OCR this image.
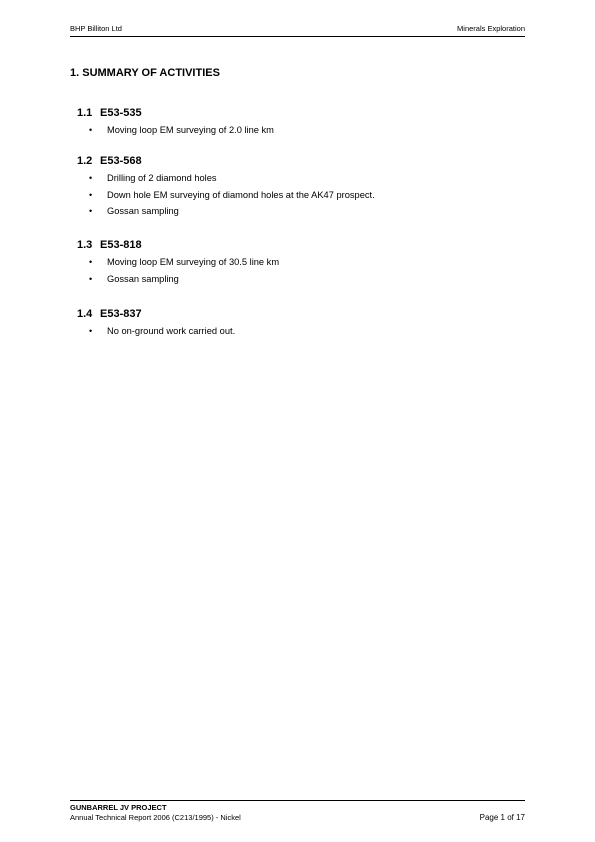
BHP Billiton Ltd	Minerals Exploration
1. SUMMARY OF ACTIVITIES
1.1 E53-535
• Moving loop EM surveying of 2.0 line km
1.2 E53-568
• Drilling of 2 diamond holes
• Down hole EM surveying of diamond holes at the AK47 prospect.
• Gossan sampling
1.3 E53-818
• Moving loop EM surveying of 30.5 line km
• Gossan sampling
1.4 E53-837
• No on-ground work carried out.
GUNBARREL JV PROJECT
Annual Technical Report 2006 (C213/1995) - Nickel	Page 1 of 17
